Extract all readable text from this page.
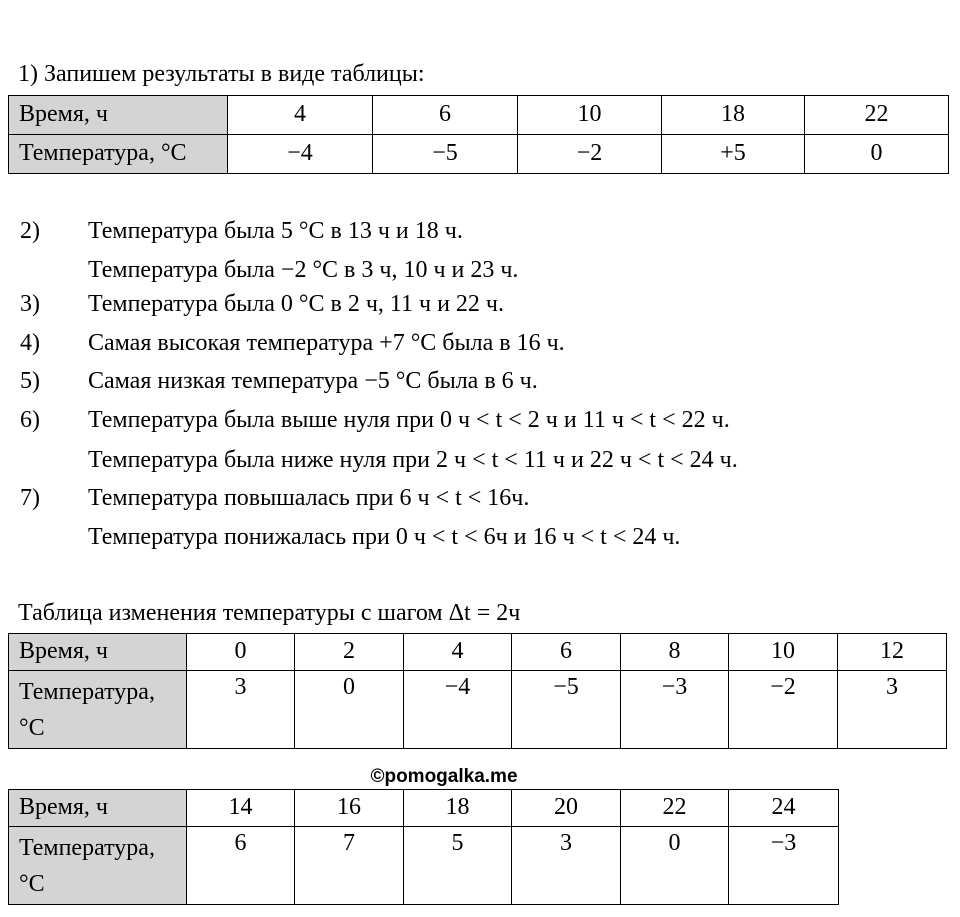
1) Запишем результаты в виде таблицы:
Время, ч	4	6	10	18	22
Температура, °С	−4	−5	−2	+5	0
2) Температура была 5 °С в 13 ч и 18 ч.
Температура была −2 °С в 3 ч, 10 ч и 23 ч.
3) Температура была 0 °С в 2 ч, 11 ч и 22 ч.
4) Самая высокая температура +7 °С была в 16 ч.
5) Самая низкая температура −5 °С была в 6 ч.
6) Температура была выше нуля при 0 ч < t < 2 ч и 11 ч < t < 22 ч.
Температура была ниже нуля при 2 ч < t < 11 ч и 22 ч < t < 24 ч.
7) Температура повышалась при 6 ч < t < 16ч.
Температура понижалась при 0 ч < t < 6ч и 16 ч < t < 24 ч.
Таблица изменения температуры с шагом Δt = 2ч
Время, ч	0	2	4	6	8	10	12
Температура,
°С	3	0	−4	−5	−3	−2	3
©pomogalka.me
Время, ч	14	16	18	20	22	24
Температура,
°С	6	7	5	3	0	−3
